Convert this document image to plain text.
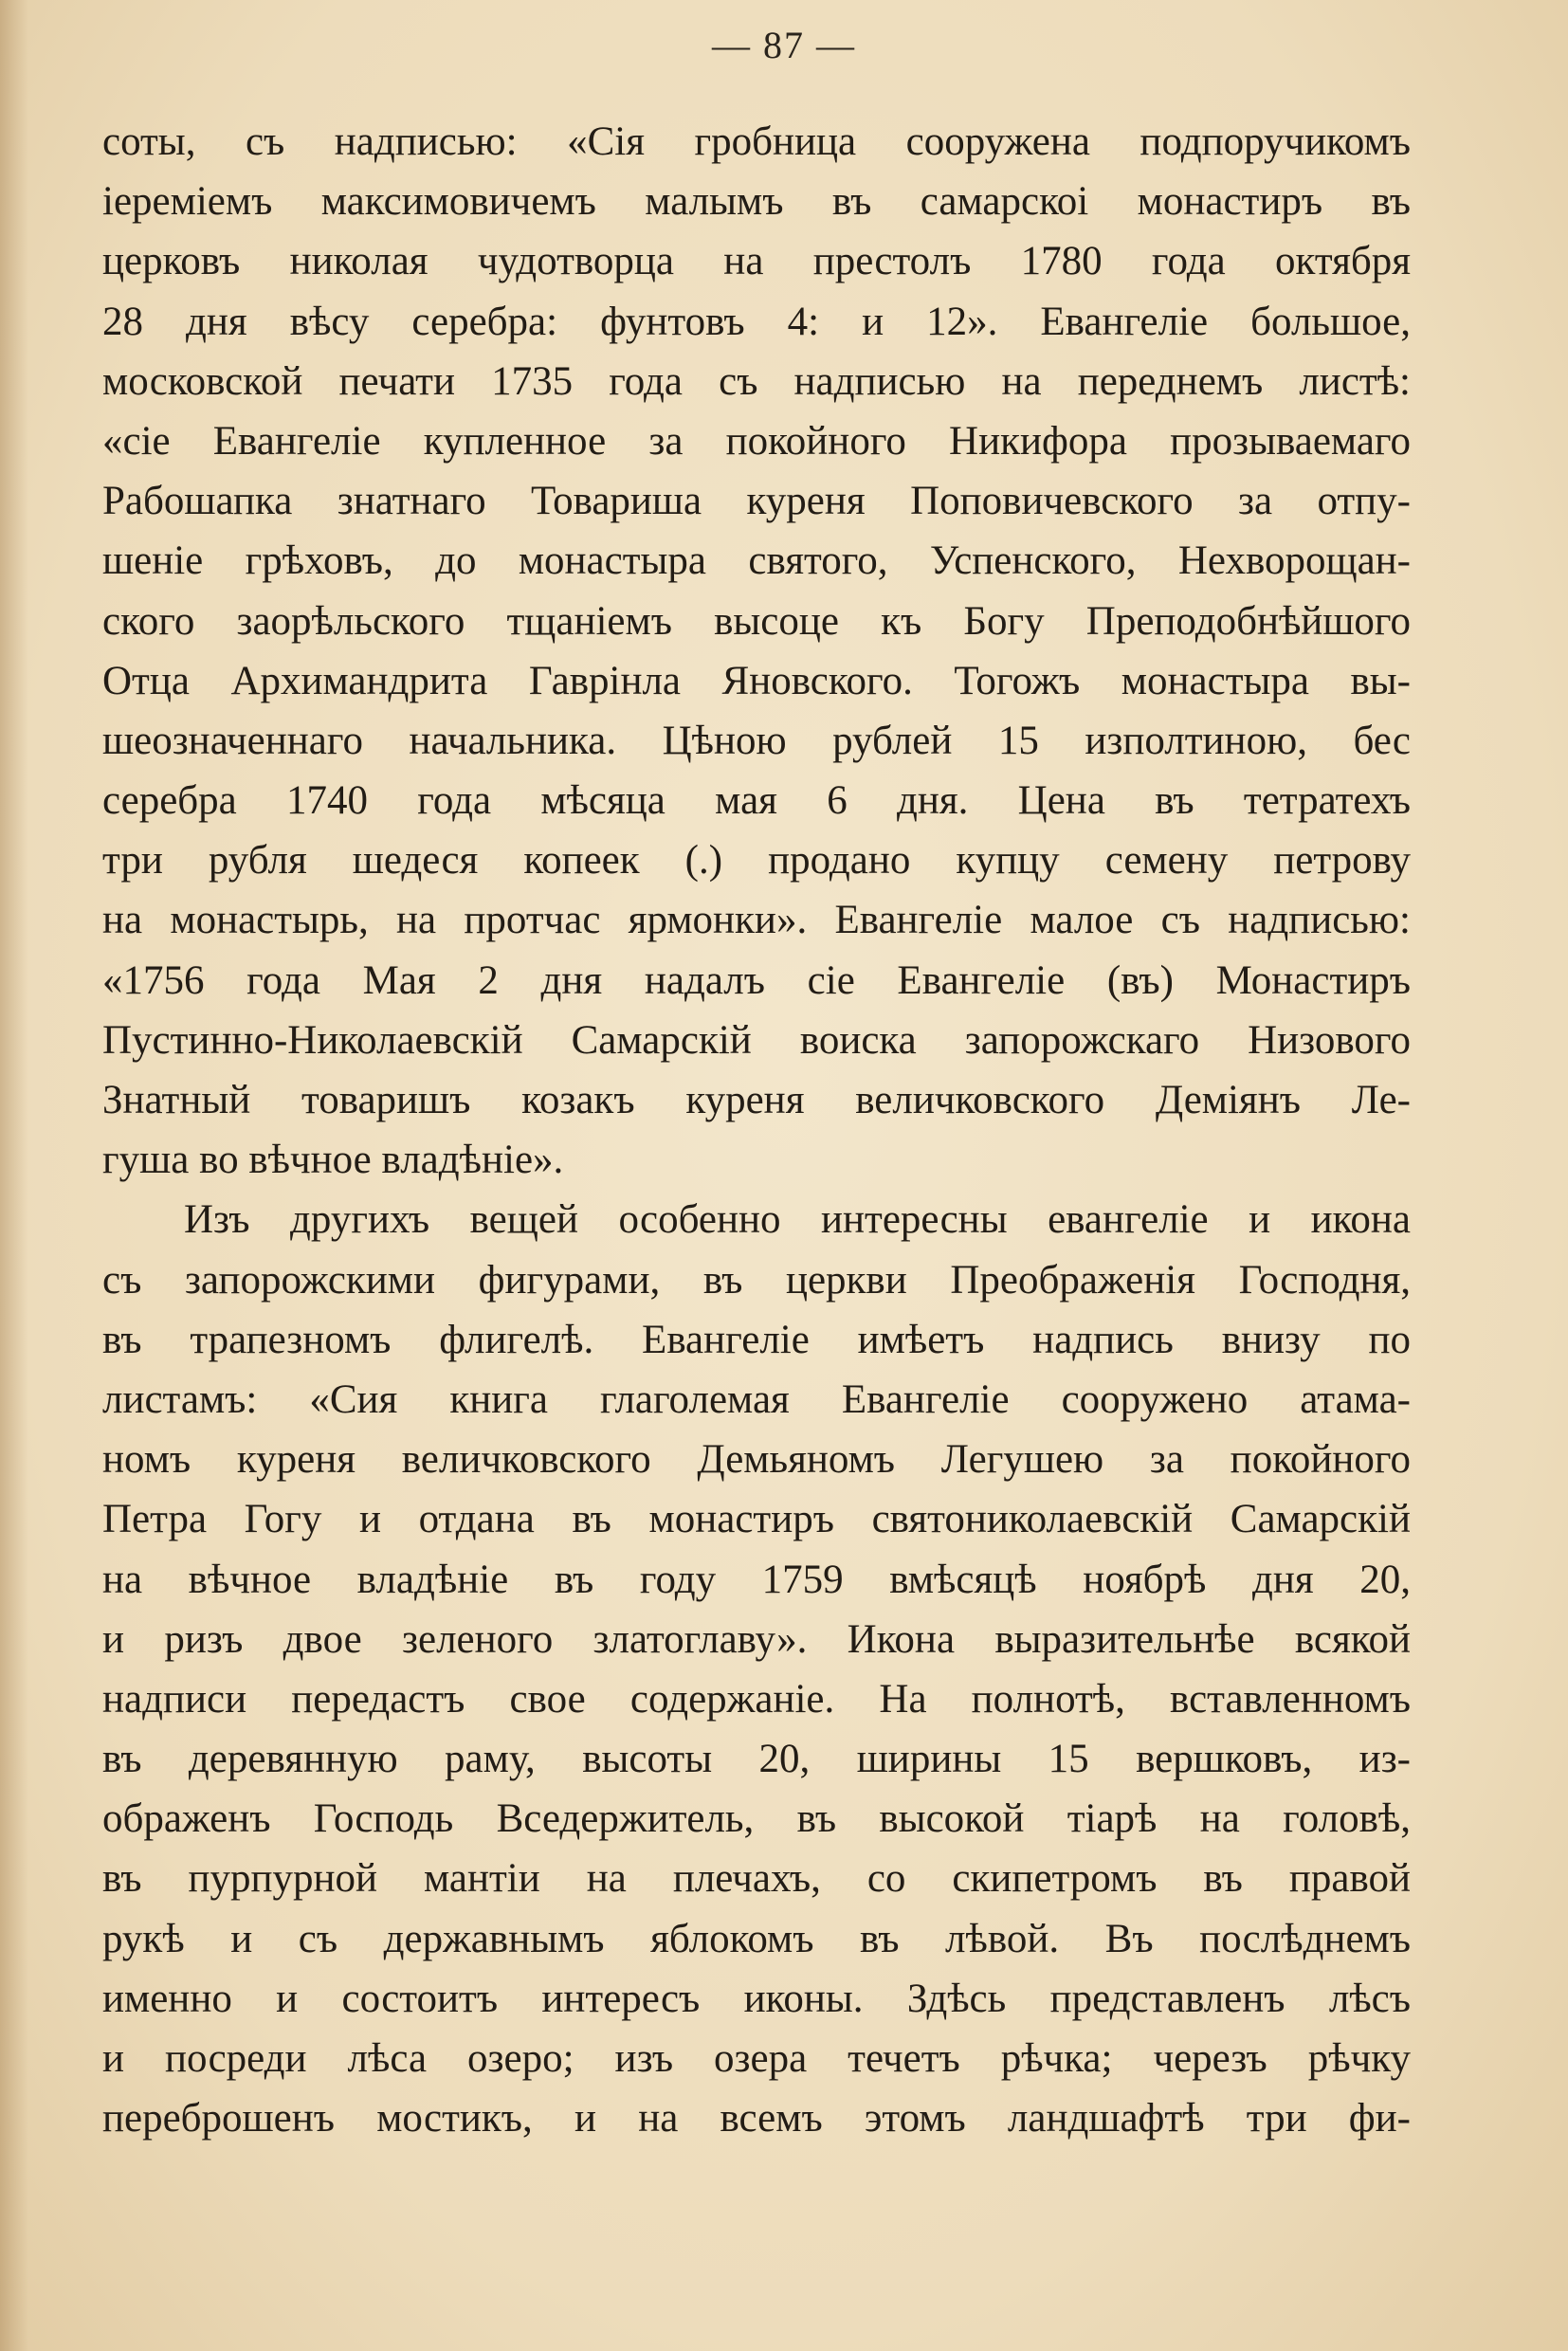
— 87 —
соты, съ надписью: «Сія гробница сооружена подпоручикомъ
іереміемъ максимовичемъ малымъ въ самарскоі монастиръ въ
церковъ николая чудотворца на престолъ 1780 года октября
28 дня вѣсу серебра: фунтовъ 4: и 12». Евангеліе большое,
московской печати 1735 года съ надписью на переднемъ листѣ:
«сіе Евангеліе купленное за покойного Никифора прозываемаго
Рабошапка знатнаго Товариша куреня Поповичевского за отпу-
шеніе грѣховъ, до монастыра святого, Успенского, Нехворощан-
ского заорѣльского тщаніемъ высоце къ Богу Преподобнѣйшого
Отца Архимандрита Гаврінла Яновского. Тогожъ монастыра вы-
шеозначеннаго начальника. Цѣною рублей 15 изполтиною, бес
серебра 1740 года мѣсяца мая 6 дня. Цена въ тетратехъ
три рубля шедеся копеек (.) продано купцу семену петрову
на монастырь, на протчас ярмонки». Евангеліе малое съ надписью:
«1756 года Мая 2 дня надалъ сіе Евангеліе (въ) Монастиръ
Пустинно-Николаевскій Самарскій воиска запорожскаго Низового
Знатный товаришъ козакъ куреня величковского Деміянъ Ле-
гуша во вѣчное владѣніе».
Изъ другихъ вещей особенно интересны евангеліе и икона
съ запорожскими фигурами, въ церкви Преображенія Господня,
въ трапезномъ флигелѣ. Евангеліе имѣетъ надпись внизу по
листамъ: «Сия книга глаголемая Евангеліе сооружено атама-
номъ куреня величковского Демьяномъ Легушею за покойного
Петра Гогу и отдана въ монастиръ святониколаевскій Самарскій
на вѣчное владѣніе въ году 1759 вмѣсяцѣ ноябрѣ дня 20,
и ризъ двое зеленого златоглаву». Икона выразительнѣе всякой
надписи передастъ свое содержаніе. На полнотѣ, вставленномъ
въ деревянную раму, высоты 20, ширины 15 вершковъ, из-
ображенъ Господь Вседержитель, въ высокой тіарѣ на головѣ,
въ пурпурной мантіи на плечахъ, со скипетромъ въ правой
рукѣ и съ державнымъ яблокомъ въ лѣвой. Въ послѣднемъ
именно и состоитъ интересъ иконы. Здѣсь представленъ лѣсъ
и посреди лѣса озеро; изъ озера течетъ рѣчка; черезъ рѣчку
переброшенъ мостикъ, и на всемъ этомъ ландшафтѣ три фи-
